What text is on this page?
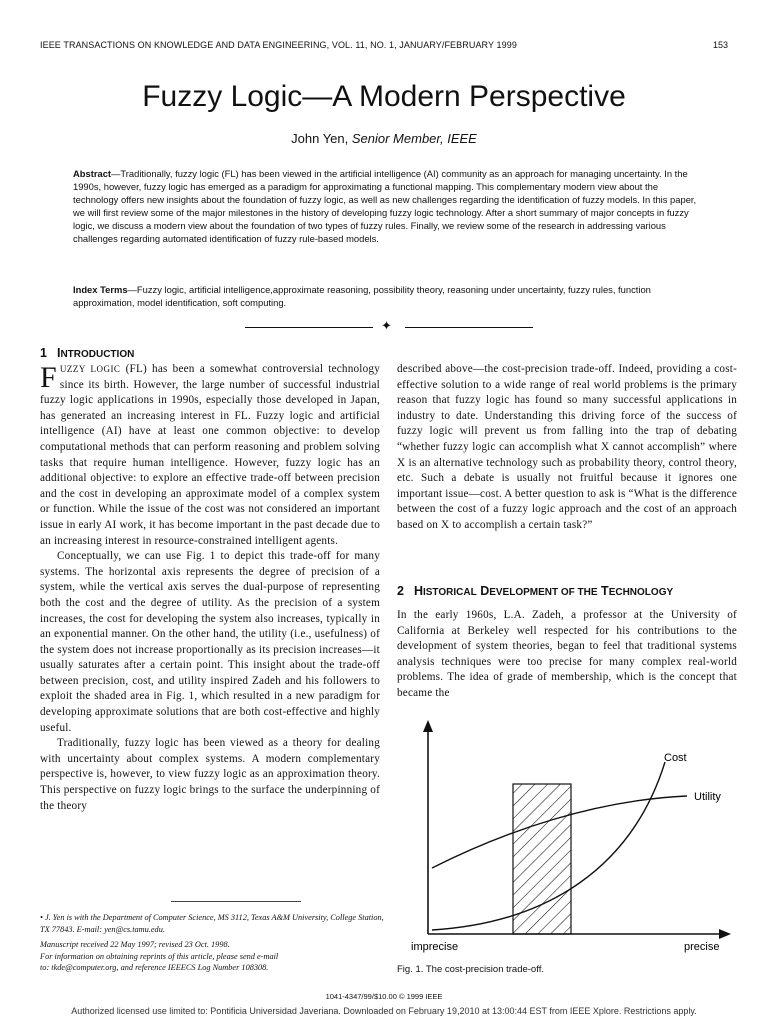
IEEE TRANSACTIONS ON KNOWLEDGE AND DATA ENGINEERING, VOL. 11, NO. 1, JANUARY/FEBRUARY 1999	153
Fuzzy Logic—A Modern Perspective
John Yen, Senior Member, IEEE
Abstract—Traditionally, fuzzy logic (FL) has been viewed in the artificial intelligence (AI) community as an approach for managing uncertainty. In the 1990s, however, fuzzy logic has emerged as a paradigm for approximating a functional mapping. This complementary modern view about the technology offers new insights about the foundation of fuzzy logic, as well as new challenges regarding the identification of fuzzy models. In this paper, we will first review some of the major milestones in the history of developing fuzzy logic technology. After a short summary of major concepts in fuzzy logic, we discuss a modern view about the foundation of two types of fuzzy rules. Finally, we review some of the research in addressing various challenges regarding automated identification of fuzzy rule-based models.
Index Terms—Fuzzy logic, artificial intelligence,approximate reasoning, possibility theory, reasoning under uncertainty, fuzzy rules, function approximation, model identification, soft computing.
✦
1 INTRODUCTION

FUZZY LOGIC (FL) has been a somewhat controversial technology since its birth. However, the large number of successful industrial fuzzy logic applications in 1990s, especially those developed in Japan, has generated an increasing interest in FL. Fuzzy logic and artificial intelligence (AI) have at least one common objective: to develop computational methods that can perform reasoning and problem solving tasks that require human intelligence. However, fuzzy logic has an additional objective: to explore an effective trade-off between precision and the cost in developing an approximate model of a complex system or function. While the issue of the cost was not considered an important issue in early AI work, it has become important in the past decade due to an increasing interest in resource-constrained intelligent agents.

Conceptually, we can use Fig. 1 to depict this trade-off for many systems. The horizontal axis represents the degree of precision of a system, while the vertical axis serves the dual-purpose of representing both the cost and the degree of utility. As the precision of a system increases, the cost for developing the system also increases, typically in an exponential manner. On the other hand, the utility (i.e., usefulness) of the system does not increase proportionally as its precision increases—it usually saturates after a certain point. This insight about the trade-off between precision, cost, and utility inspired Zadeh and his followers to exploit the shaded area in Fig. 1, which resulted in a new paradigm for developing approximate solutions that are both cost-effective and highly useful.

Traditionally, fuzzy logic has been viewed as a theory for dealing with uncertainty about complex systems. A modern complementary perspective is, however, to view fuzzy logic as an approximation theory. This perspective on fuzzy logic brings to the surface the underpinning of the theory

described above—the cost-precision trade-off. Indeed, providing a cost-effective solution to a wide range of real world problems is the primary reason that fuzzy logic has found so many successful applications in industry to date. Understanding this driving force of the success of fuzzy logic will prevent us from falling into the trap of debating “whether fuzzy logic can accomplish what X cannot accomplish” where X is an alternative technology such as probability theory, control theory, etc. Such a debate is usually not fruitful because it ignores one important issue—cost. A better question to ask is “What is the difference between the cost of a fuzzy logic approach and the cost of an approach based on X to accomplish a certain task?”

2 HISTORICAL DEVELOPMENT OF THE TECHNOLOGY

In the early 1960s, L.A. Zadeh, a professor at the University of California at Berkeley well respected for his contributions to the development of system theories, began to feel that traditional systems analysis techniques were too precise for many complex real-world problems. The idea of grade of membership, which is the concept that became the

• J. Yen is with the Department of Computer Science, MS 3112, Texas A&M University, College Station, TX 77843. E-mail: yen@cs.tamu.edu.
Manuscript received 22 May 1997; revised 23 Oct. 1998.
For information on obtaining reprints of this article, please send e-mail
to: tkde@computer.org, and reference IEEECS Log Number 108308.
Cost
Utility
imprecise	precise
Fig. 1. The cost-precision trade-off.
1041-4347/99/$10.00 © 1999 IEEE
Authorized licensed use limited to: Pontificia Universidad Javeriana. Downloaded on February 19,2010 at 13:00:44 EST from IEEE Xplore. Restrictions apply.
